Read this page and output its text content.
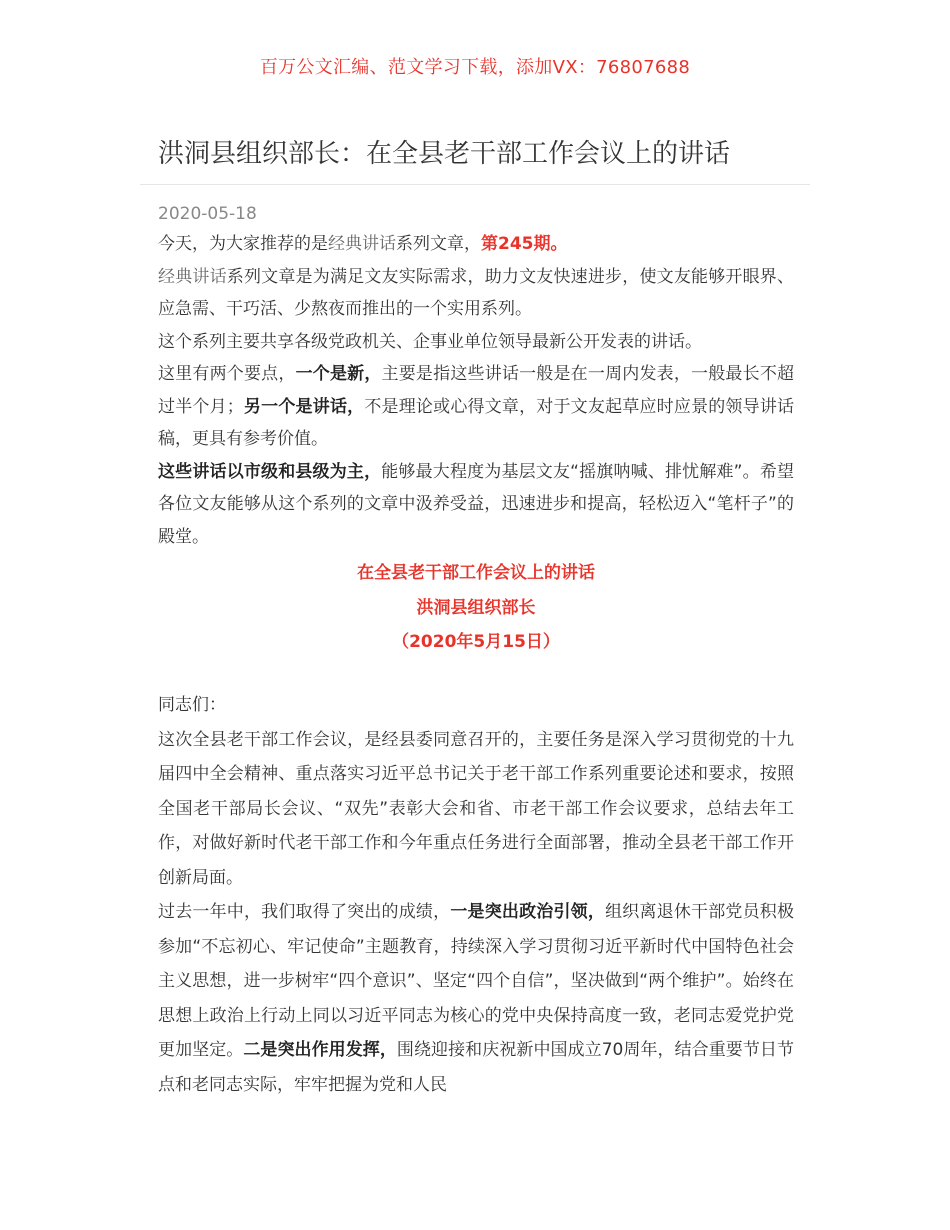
百万公文汇编、范文学习下载，添加VX：76807688
洪洞县组织部长：在全县老干部工作会议上的讲话
2020-05-18

今天，为大家推荐的是经典讲话系列文章，第245期。

经典讲话系列文章是为满足文友实际需求，助力文友快速进步，使文友能够开眼界、应急需、干巧活、少熬夜而推出的一个实用系列。

这个系列主要共享各级党政机关、企事业单位领导最新公开发表的讲话。

这里有两个要点，一个是新，主要是指这些讲话一般是在一周内发表，一般最长不超过半个月；另一个是讲话，不是理论或心得文章，对于文友起草应时应景的领导讲话稿，更具有参考价值。

这些讲话以市级和县级为主，能够最大程度为基层文友“摇旗呐喊、排忧解难”。希望各位文友能够从这个系列的文章中汲养受益，迅速进步和提高，轻松迈入“笔杆子”的殿堂。

在全县老干部工作会议上的讲话

洪洞县组织部长

（2020年5月15日）

同志们：

这次全县老干部工作会议，是经县委同意召开的，主要任务是深入学习贯彻党的十九届四中全会精神、重点落实习近平总书记关于老干部工作系列重要论述和要求，按照全国老干部局长会议、“双先”表彰大会和省、市老干部工作会议要求，总结去年工作，对做好新时代老干部工作和今年重点任务进行全面部署，推动全县老干部工作开创新局面。

过去一年中，我们取得了突出的成绩，一是突出政治引领，组织离退休干部党员积极参加“不忘初心、牢记使命”主题教育，持续深入学习贯彻习近平新时代中国特色社会主义思想，进一步树牢“四个意识”、坚定“四个自信”，坚决做到“两个维护”。始终在思想上政治上行动上同以习近平同志为核心的党中央保持高度一致，老同志爱党护党更加坚定。二是突出作用发挥，围绕迎接和庆祝新中国成立70周年，结合重要节日节点和老同志实际，牢牢把握为党和人民
